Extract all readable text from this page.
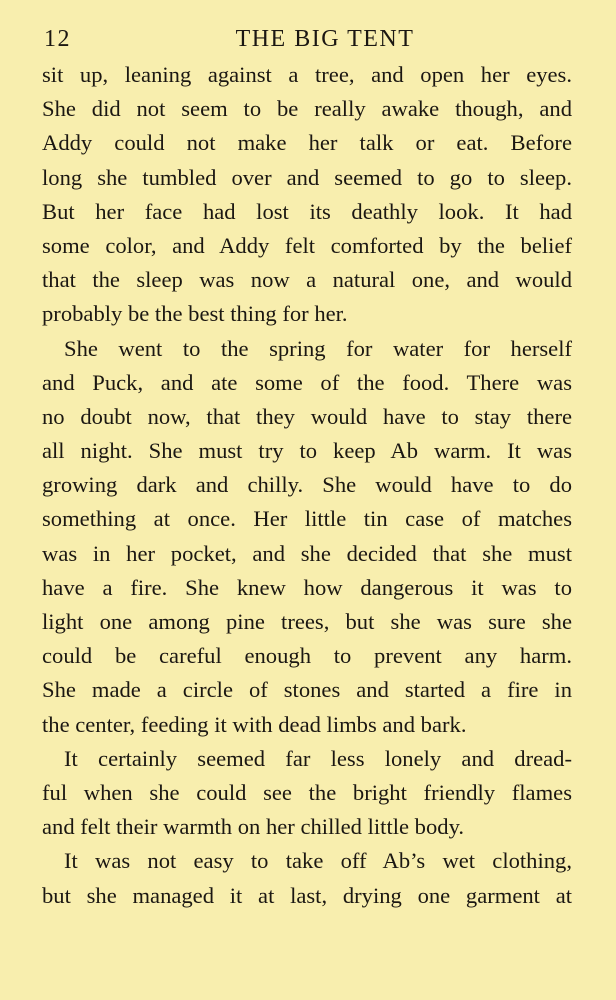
12	THE BIG TENT
sit up, leaning against a tree, and open her eyes.
She did not seem to be really awake though, and
Addy could not make her talk or eat. Before
long she tumbled over and seemed to go to sleep.
But her face had lost its deathly look. It had
some color, and Addy felt comforted by the belief
that the sleep was now a natural one, and would
probably be the best thing for her.
She went to the spring for water for herself
and Puck, and ate some of the food. There was
no doubt now, that they would have to stay there
all night. She must try to keep Ab warm. It was
growing dark and chilly. She would have to do
something at once. Her little tin case of matches
was in her pocket, and she decided that she must
have a fire. She knew how dangerous it was to
light one among pine trees, but she was sure she
could be careful enough to prevent any harm.
She made a circle of stones and started a fire in
the center, feeding it with dead limbs and bark.
It certainly seemed far less lonely and dread-
ful when she could see the bright friendly flames
and felt their warmth on her chilled little body.
It was not easy to take off Ab’s wet clothing,
but she managed it at last, drying one garment at
